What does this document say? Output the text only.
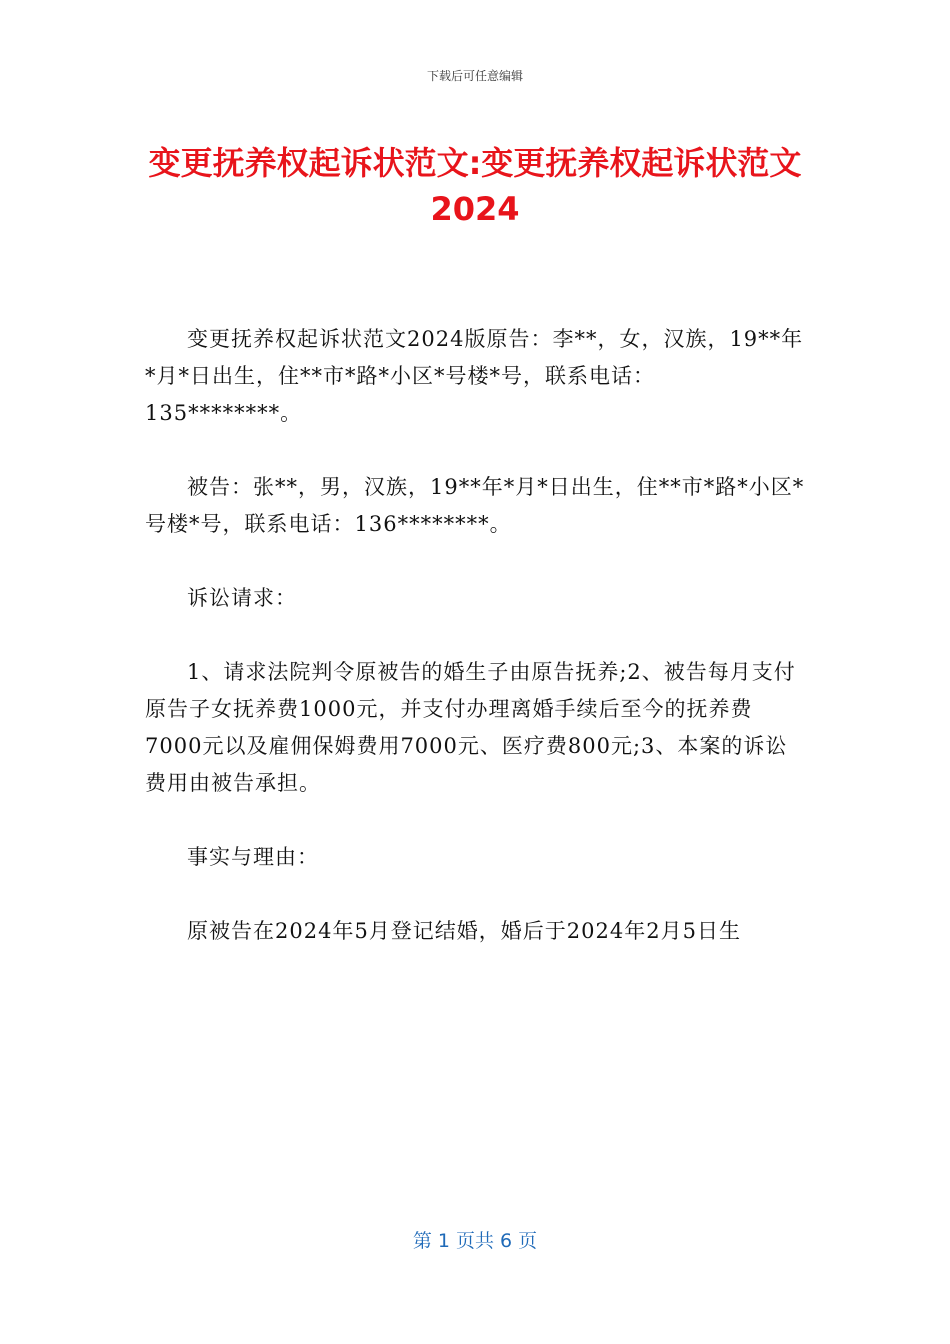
下载后可任意编辑
变更抚养权起诉状范文:变更抚养权起诉状范文2024

变更抚养权起诉状范文2024版原告：李**，女，汉族，19**年*月*日出生，住**市*路*小区*号楼*号，联系电话：135********。

被告：张**，男，汉族，19**年*月*日出生，住**市*路*小区*号楼*号，联系电话：136********。

诉讼请求：

1、请求法院判令原被告的婚生子由原告抚养;2、被告每月支付原告子女抚养费1000元，并支付办理离婚手续后至今的抚养费7000元以及雇佣保姆费用7000元、医疗费800元;3、本案的诉讼费用由被告承担。

事实与理由：

原被告在2024年5月登记结婚，婚后于2024年2月5日生

第 1 页共 6 页
